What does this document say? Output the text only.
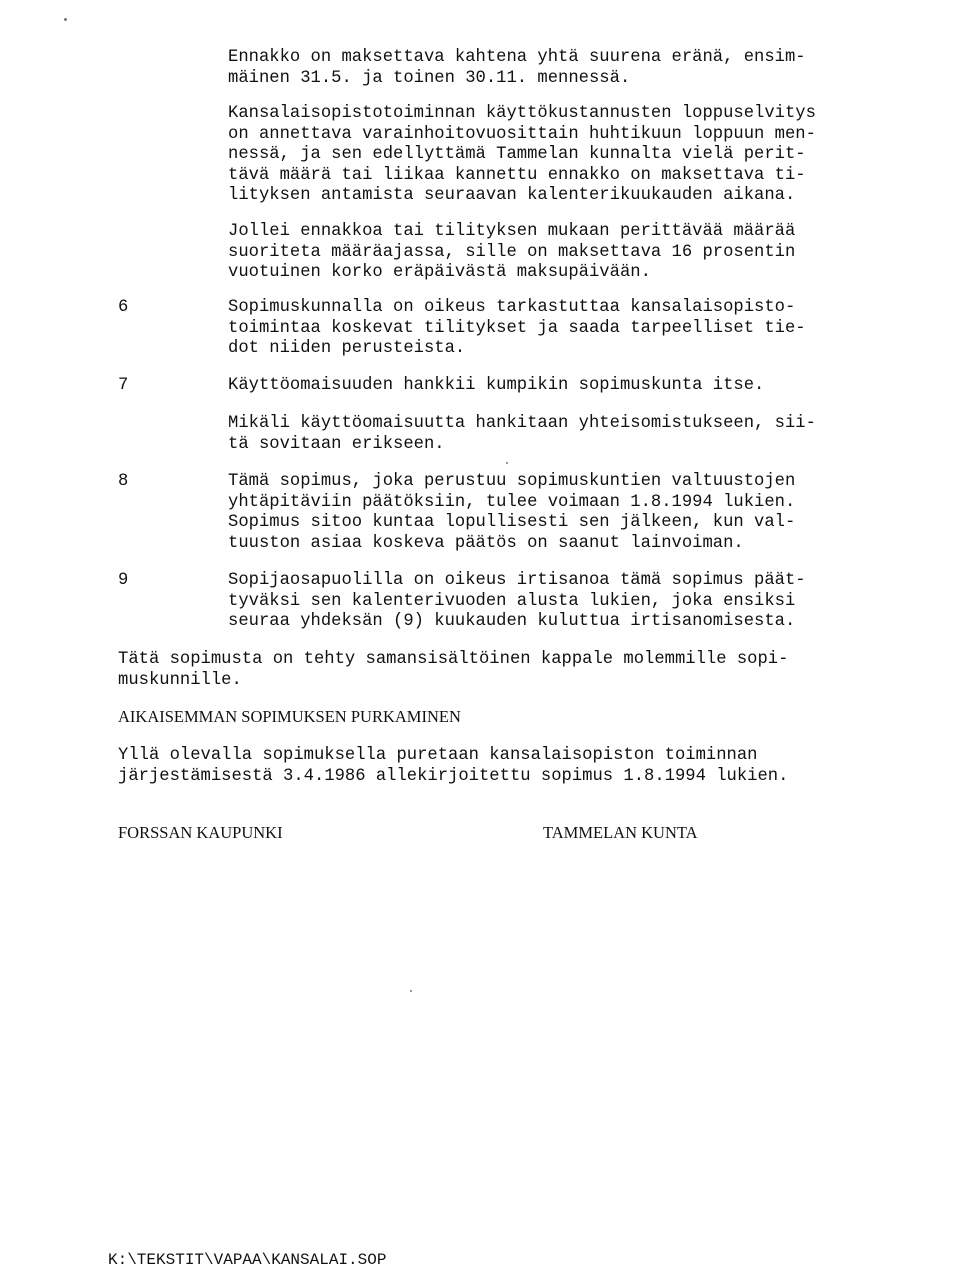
Ennakko on maksettava kahtena yhtä suurena eränä, ensim-
mäinen 31.5. ja toinen 30.11. mennessä.

Kansalaisopistotoiminnan käyttökustannusten loppuselvitys
on annettava varainhoitovuosittain huhtikuun loppuun men-
nessä, ja sen edellyttämä Tammelan kunnalta vielä perit-
tävä määrä tai liikaa kannettu ennakko on maksettava ti-
lityksen antamista seuraavan kalenterikuukauden aikana.

Jollei ennakkoa tai tilityksen mukaan perittävää määrää
suoriteta määräajassa, sille on maksettava 16 prosentin
vuotuinen korko eräpäivästä maksupäivään.

6	Sopimuskunnalla on oikeus tarkastuttaa kansalaisopisto-
toimintaa koskevat tilitykset ja saada tarpeelliset tie-
dot niiden perusteista.

7	Käyttöomaisuuden hankkii kumpikin sopimuskunta itse.

Mikäli käyttöomaisuutta hankitaan yhteisomistukseen, sii-
tä sovitaan erikseen.

8	Tämä sopimus, joka perustuu sopimuskuntien valtuustojen
yhtäpitäviin päätöksiin, tulee voimaan 1.8.1994 lukien.
Sopimus sitoo kuntaa lopullisesti sen jälkeen, kun val-
tuuston asiaa koskeva päätös on saanut lainvoiman.

9	Sopijaosapuolilla on oikeus irtisanoa tämä sopimus päät-
tyväksi sen kalenterivuoden alusta lukien, joka ensiksi
seuraa yhdeksän (9) kuukauden kuluttua irtisanomisesta.

Tätä sopimusta on tehty samansisältöinen kappale molemmille sopi-
muskunnille.

AIKAISEMMAN SOPIMUKSEN PURKAMINEN

Yllä olevalla sopimuksella puretaan kansalaisopiston toiminnan
järjestämisestä 3.4.1986 allekirjoitettu sopimus 1.8.1994 lukien.

FORSSAN KAUPUNKI	TAMMELAN KUNTA

K:\TEKSTIT\VAPAA\KANSALAI.SOP
